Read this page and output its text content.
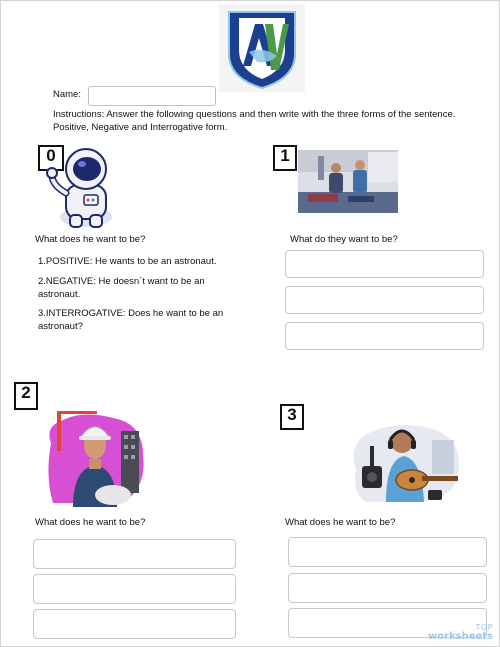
Name:
Instructions: Answer the following questions and then write with the three forms of the sentence.
Positive, Negative and Interrogative form.
0
What does he want to be?
1.POSITIVE: He wants to be an astronaut.
2.NEGATIVE: He doesn´t want to be an
astronaut.
3.INTERROGATIVE: Does he want to be an
astronaut?
1
What do they want to be?
2
What does he want to be?
3
What does he want to be?
TOP
worksheets
